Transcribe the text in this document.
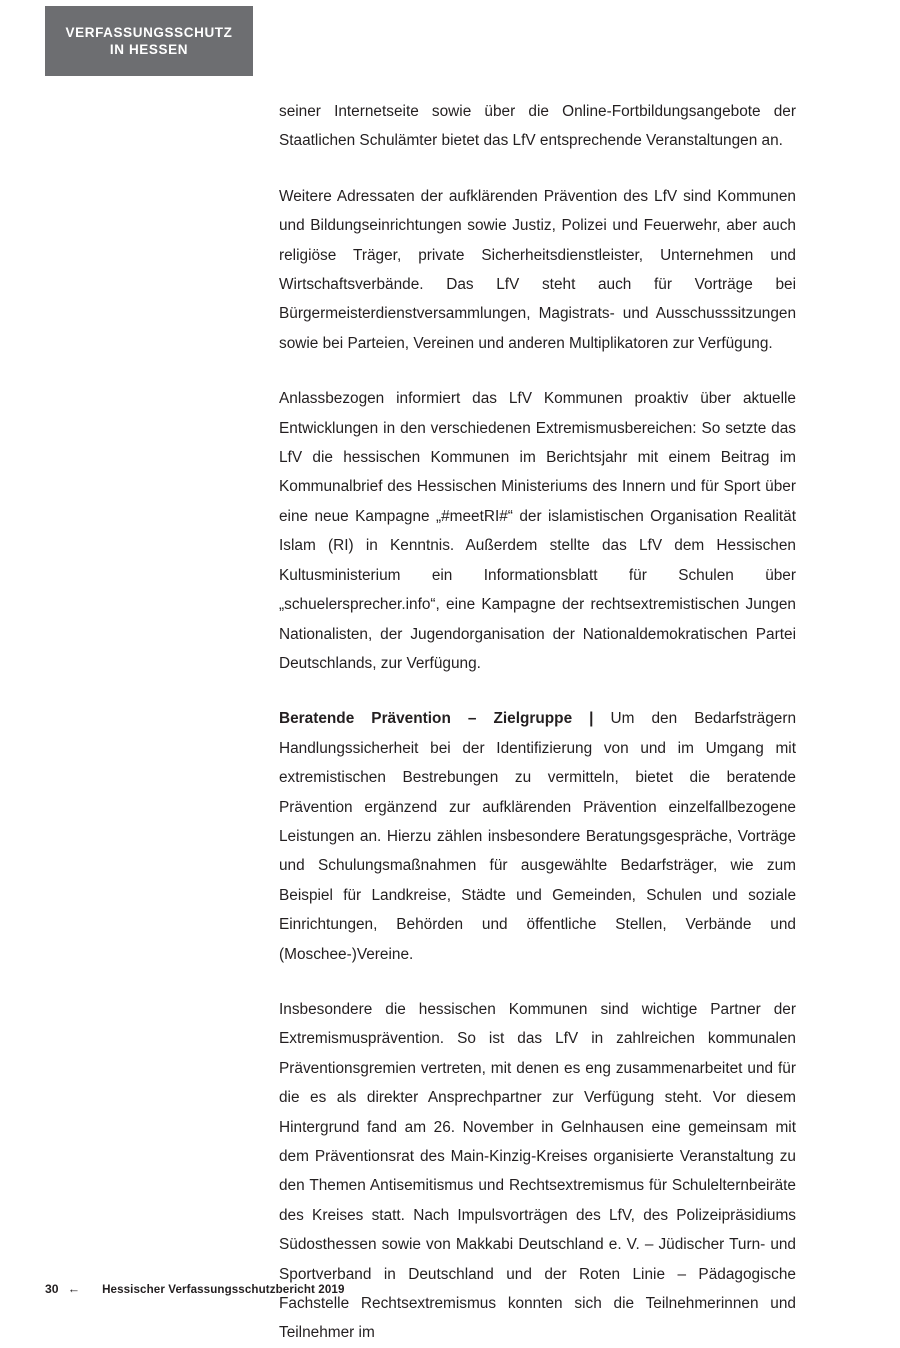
VERFASSUNGSSCHUTZ
IN HESSEN

seiner Internetseite sowie über die Online-Fortbildungsangebote der Staatlichen Schulämter bietet das LfV entsprechende Veranstaltungen an.

Weitere Adressaten der aufklärenden Prävention des LfV sind Kommunen und Bildungseinrichtungen sowie Justiz, Polizei und Feuerwehr, aber auch religiöse Träger, private Sicherheitsdienstleister, Unternehmen und Wirtschaftsverbände. Das LfV steht auch für Vorträge bei Bürgermeisterdienstversammlungen, Magistrats- und Ausschusssitzungen sowie bei Parteien, Vereinen und anderen Multiplikatoren zur Verfügung.

Anlassbezogen informiert das LfV Kommunen proaktiv über aktuelle Entwicklungen in den verschiedenen Extremismusbereichen: So setzte das LfV die hessischen Kommunen im Berichtsjahr mit einem Beitrag im Kommunalbrief des Hessischen Ministeriums des Innern und für Sport über eine neue Kampagne „#meetRI#“ der islamistischen Organisation Realität Islam (RI) in Kenntnis. Außerdem stellte das LfV dem Hessischen Kultusministerium ein Informationsblatt für Schulen über „schuelersprecher.info“, eine Kampagne der rechtsextremistischen Jungen Nationalisten, der Jugendorganisation der Nationaldemokratischen Partei Deutschlands, zur Verfügung.

Beratende Prävention – Zielgruppe | Um den Bedarfsträgern Handlungssicherheit bei der Identifizierung von und im Umgang mit extremistischen Bestrebungen zu vermitteln, bietet die beratende Prävention ergänzend zur aufklärenden Prävention einzelfallbezogene Leistungen an. Hierzu zählen insbesondere Beratungsgespräche, Vorträge und Schulungsmaßnahmen für ausgewählte Bedarfsträger, wie zum Beispiel für Landkreise, Städte und Gemeinden, Schulen und soziale Einrichtungen, Behörden und öffentliche Stellen, Verbände und (Moschee-)Vereine.

Insbesondere die hessischen Kommunen sind wichtige Partner der Extremismusprävention. So ist das LfV in zahlreichen kommunalen Präventionsgremien vertreten, mit denen es eng zusammenarbeitet und für die es als direkter Ansprechpartner zur Verfügung steht. Vor diesem Hintergrund fand am 26. November in Gelnhausen eine gemeinsam mit dem Präventionsrat des Main-Kinzig-Kreises organisierte Veranstaltung zu den Themen Antisemitismus und Rechtsextremismus für Schulelternbeiräte des Kreises statt. Nach Impulsvorträgen des LfV, des Polizeipräsidiums Südosthessen sowie von Makkabi Deutschland e. V. – Jüdischer Turn- und Sportverband in Deutschland und der Roten Linie – Pädagogische Fachstelle Rechtsextremismus konnten sich die Teilnehmerinnen und Teilnehmer im

30 ← Hessischer Verfassungsschutzbericht 2019
